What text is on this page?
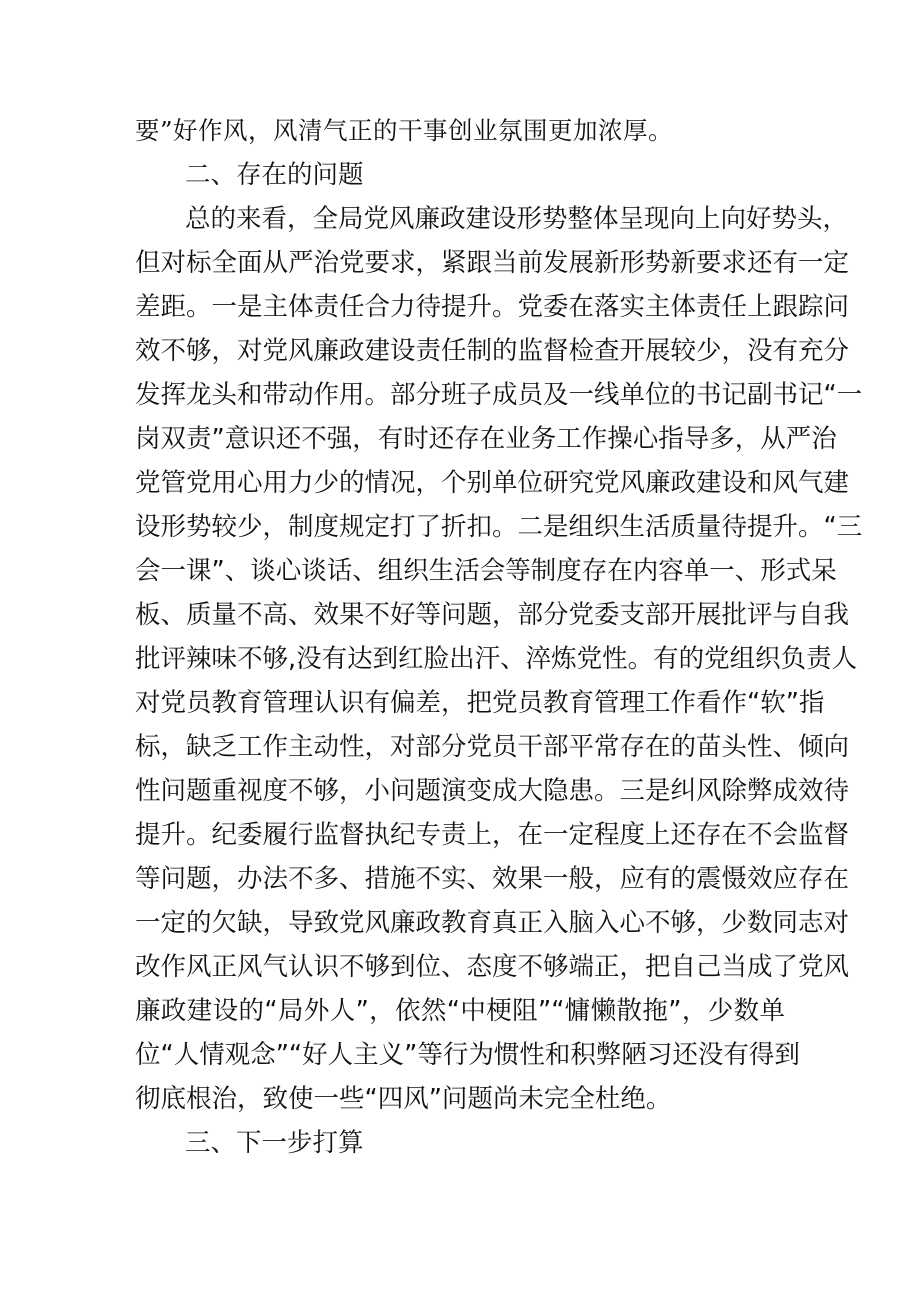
要”好作风，风清气正的干事创业氛围更加浓厚。
二、存在的问题
总的来看，全局党风廉政建设形势整体呈现向上向好势头，
但对标全面从严治党要求，紧跟当前发展新形势新要求还有一定
差距。一是主体责任合力待提升。党委在落实主体责任上跟踪问
效不够，对党风廉政建设责任制的监督检查开展较少，没有充分
发挥龙头和带动作用。部分班子成员及一线单位的书记副书记“一
岗双责”意识还不强，有时还存在业务工作操心指导多，从严治
党管党用心用力少的情况，个别单位研究党风廉政建设和风气建
设形势较少，制度规定打了折扣。二是组织生活质量待提升。“三
会一课”、谈心谈话、组织生活会等制度存在内容单一、形式呆
板、质量不高、效果不好等问题，部分党委支部开展批评与自我
批评辣味不够,没有达到红脸出汗、淬炼党性。有的党组织负责人
对党员教育管理认识有偏差，把党员教育管理工作看作“软”指
标，缺乏工作主动性，对部分党员干部平常存在的苗头性、倾向
性问题重视度不够，小问题演变成大隐患。三是纠风除弊成效待
提升。纪委履行监督执纪专责上，在一定程度上还存在不会监督
等问题，办法不多、措施不实、效果一般，应有的震慑效应存在
一定的欠缺，导致党风廉政教育真正入脑入心不够，少数同志对
改作风正风气认识不够到位、态度不够端正，把自己当成了党风
廉政建设的“局外人”，依然“中梗阻”“慵懒散拖”，少数单
位“人情观念”“好人主义”等行为惯性和积弊陋习还没有得到
彻底根治，致使一些“四风”问题尚未完全杜绝。
三、下一步打算
